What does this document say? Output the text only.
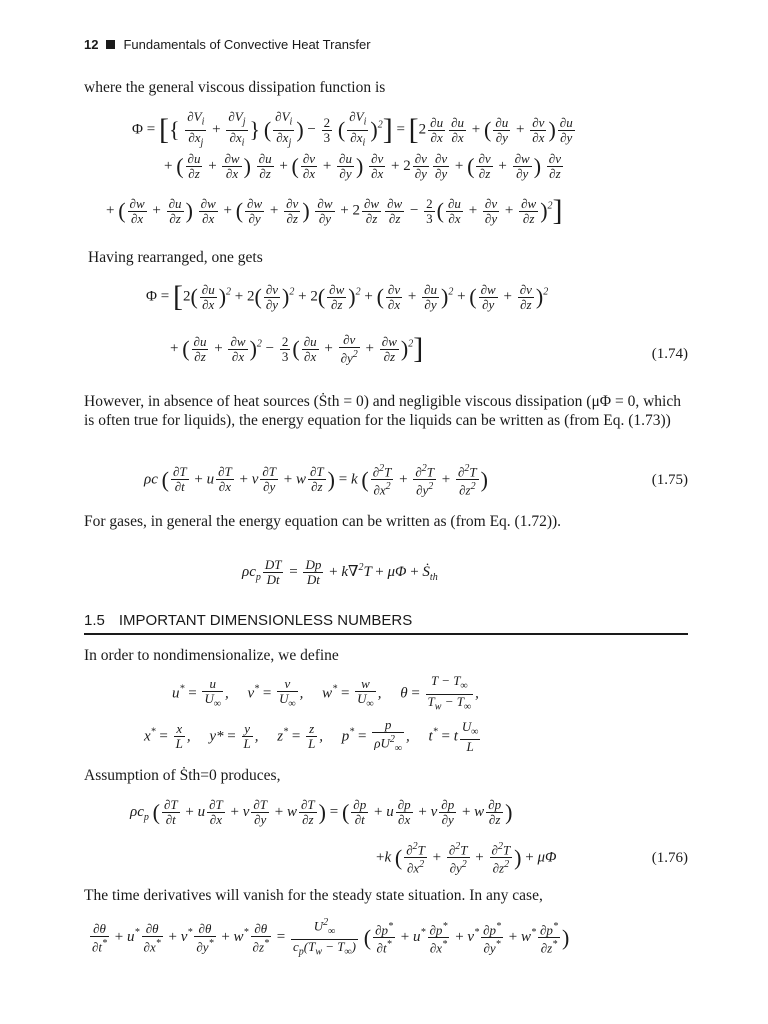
12 Fundamentals of Convective Heat Transfer
where the general viscous dissipation function is
Φ = [{ $\frac{\partial V_i}{\partial x_j} + \frac{\partial V_j}{\partial x_i}$ } ( $\frac{\partial V_i}{\partial x_j}$ ) − $\frac{2}{3}$ ( $\frac{\partial V_i}{\partial x_i} )^2] = [2 \frac{\partial u}{\partial x} \frac{\partial u}{\partial x}$ + ( $\frac{\partial u}{\partial y} + \frac{\partial v}{\partial x}$ ) $\frac{\partial u}{\partial y}$
+ ( $\frac{\partial u}{\partial z} + \frac{\partial w}{\partial x}$ ) $\frac{\partial u}{\partial z}$ + ( $\frac{\partial v}{\partial x} + \frac{\partial u}{\partial y}$ ) $\frac{\partial v}{\partial x} + 2 \frac{\partial v}{\partial y} \frac{\partial v}{\partial y}$ + ( $\frac{\partial v}{\partial z} + \frac{\partial w}{\partial y}$ ) $\frac{\partial v}{\partial z}$
+ ( $\frac{\partial w}{\partial x} + \frac{\partial u}{\partial z}$ ) $\frac{\partial w}{\partial x}$ + ( $\frac{\partial w}{\partial y} + \frac{\partial v}{\partial z}$ ) $\frac{\partial w}{\partial y} + 2 \frac{\partial w}{\partial z} \frac{\partial w}{\partial z} - \frac{2}{3}$ ( $\frac{\partial u}{\partial x} + \frac{\partial v}{\partial y} + \frac{\partial w}{\partial z} )^2$]
Having rearranged, one gets
$\Phi = [2( \frac{\partial u}{\partial x} )^2 + 2( \frac{\partial v}{\partial y} )^2 + 2( \frac{\partial w}{\partial z} )^2$ + ( $\frac{\partial v}{\partial x} + \frac{\partial u}{\partial y} )^2$ + ( $\frac{\partial w}{\partial y} + \frac{\partial v}{\partial z} )^2$
+ ( $\frac{\partial u}{\partial z} + \frac{\partial w}{\partial x} )^2 - \frac{2}{3}$ ( $\frac{\partial u}{\partial x} + \frac{\partial v}{\partial y^2} + \frac{\partial w}{\partial z} )^2$]	(1.74)
However, in absence of heat sources (Ṡth = 0) and negligible viscous dissipation (μΦ = 0, which is often true for liquids), the energy equation for the liquids can be written as (from Eq. (1.73))
ρc ( $\frac{\partial T}{\partial t} + u \frac{\partial T}{\partial x} + v \frac{\partial T}{\partial y} + w \frac{\partial T}{\partial z}$ ) = k ( $\frac{\partial^2T}{\partial x^2} + \frac{\partial^2T}{\partial y^2} + \frac{\partial^2T}{\partial z^2}$ )	(1.75)
For gases, in general the energy equation can be written as (from Eq. (1.72)).
$\rho c_p \frac{DT}{Dt} = \frac{Dp}{Dt} + k\nabla^2T + \mu\Phi$ + Ṡ$_{th}$
1.5 IMPORTANT DIMENSIONLESS NUMBERS
In order to nondimensionalize, we define
$u^* = \frac{u}{U_\infty}$ ,     $v^* = \frac{v}{U_\infty}$ ,     $w^* = \frac{w}{U_\infty}$ ,     $\theta = \frac{T - T_\infty}{T_w - T_\infty}$ ,
$x^* = \frac{x}{L}$ ,     $y* = \frac{y}{L}$ ,     $z^* = \frac{z}{L}$ ,     $p^* = \frac{p}{\rho U^2_\infty}$ ,     t* = t $\frac{U_\infty}{L}$
Assumption of Ṡth=0 produces,
$\rho c_p$ ( $\frac{\partial T}{\partial t} + u \frac{\partial T}{\partial x} + v \frac{\partial T}{\partial y} + w \frac{\partial T}{\partial z}$ ) = ( $\frac{\partial p}{\partial t} + u \frac{\partial p}{\partial x} + v \frac{\partial p}{\partial y} + w \frac{\partial p}{\partial z}$ )
+k ( $\frac{\partial^2T}{\partial x^2} + \frac{\partial^2T}{\partial y^2} + \frac{\partial^2T}{\partial z^2}$ ) + μΦ	(1.76)
The time derivatives will vanish for the steady state situation. In any case,
$\frac{\partial\theta}{\partial t^*} + u^* \frac{\partial\theta}{\partial x^*} + v^* \frac{\partial\theta}{\partial y^*} + w^* \frac{\partial\theta}{\partial z^*} = \frac{U^2_\infty}{c_p(T_w - T_\infty)}$ ( $\frac{\partial p^*}{\partial t^*} + u^* \frac{\partial p^*}{\partial x^*} + v^* \frac{\partial p^*}{\partial y^*} + w^* \frac{\partial p^*}{\partial z^*}$ )
